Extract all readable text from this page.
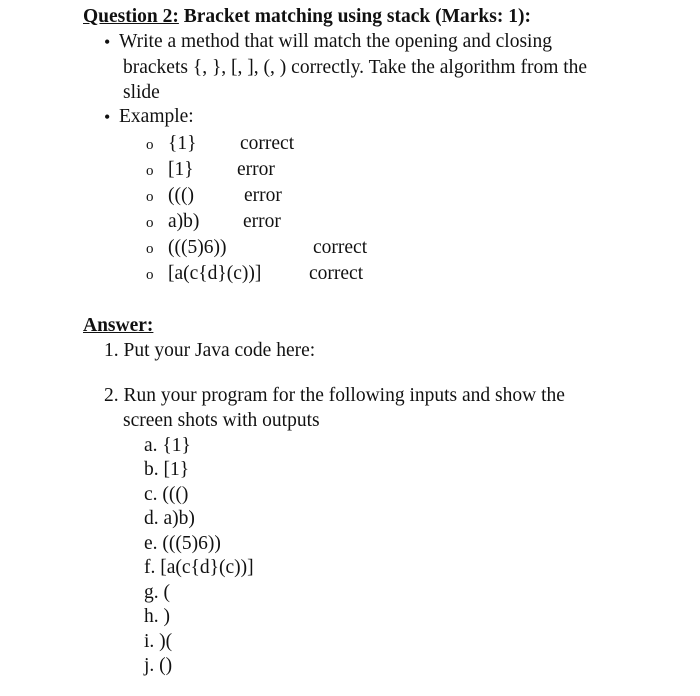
Question 2: Bracket matching using stack (Marks: 1):
• Write a method that will match the opening and closing
brackets {, }, [, ], (, ) correctly. Take the algorithm from the
slide
• Example:
o {1} correct
o [1} error
o ((()	error
o a)b) error
o (((5)6))	correct
o [a(c{d}(c))] correct
Answer:
1. Put your Java code here:
2. Run your program for the following inputs and show the
screen shots with outputs
a. {1}
b. [1}
c. ((()
d. a)b)
e. (((5)6))
f. [a(c{d}(c))]
g. (
h. )
i. )(
j. ()
